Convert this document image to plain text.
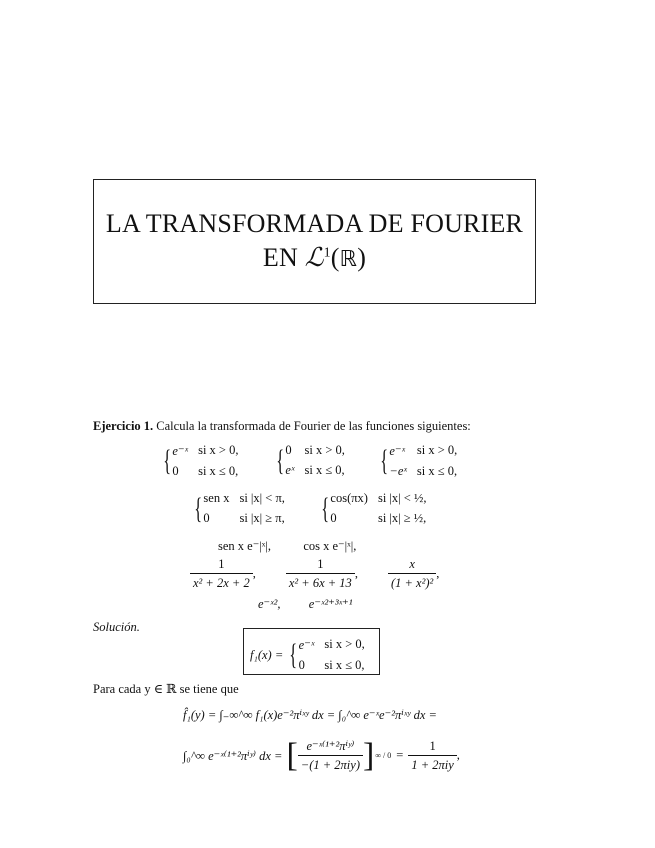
LA TRANSFORMADA DE FOURIER
EN ℒ$^1$(ℝ)
Ejercicio 1. Calcula la transformada de Fourier de las funciones siguientes:
{ e⁻ˣ si x > 0,
0	si x ≤ 0, { 0 si x > 0,
eˣ si x ≤ 0, { e⁻ˣ si x > 0,
−eˣ si x ≤ 0,
{ sen x si |x| < π,
0	si |x| ≥ π, { cos(πx) si |x| < ½,
0	si |x| ≥ ½,
sen x e⁻|ˣ|,	cos x e⁻|ˣ|,
$\frac{1}{\text{x² + 2x + 2}}$ , $\frac{1}{\text{x² + 6x + 13}}$ , $\frac{x}{\text{(1 + x²)²}}$ ,
e⁻ˣ², e⁻ˣ²⁺³ˣ⁺¹
Solución.
f₁(x) = { e⁻ˣ si x > 0,
0	si x ≤ 0,
Para cada y ∈ ℝ se tiene que
f̂₁(y) = ∫₋∞^∞ f₁(x)e⁻²πⁱˣʸ dx = ∫₀^∞ e⁻ˣe⁻²πⁱˣʸ dx =
∫₀^∞ e⁻ˣ⁽¹⁺²πⁱʸ⁾ dx = [ $\frac{\text{e⁻ˣ⁽¹⁺²πⁱʸ⁾}}{\text{−(1 + 2πiy)}}$ ] ∞ / $0 = \frac{1}{\text{1 + 2πiy}}$ ,
